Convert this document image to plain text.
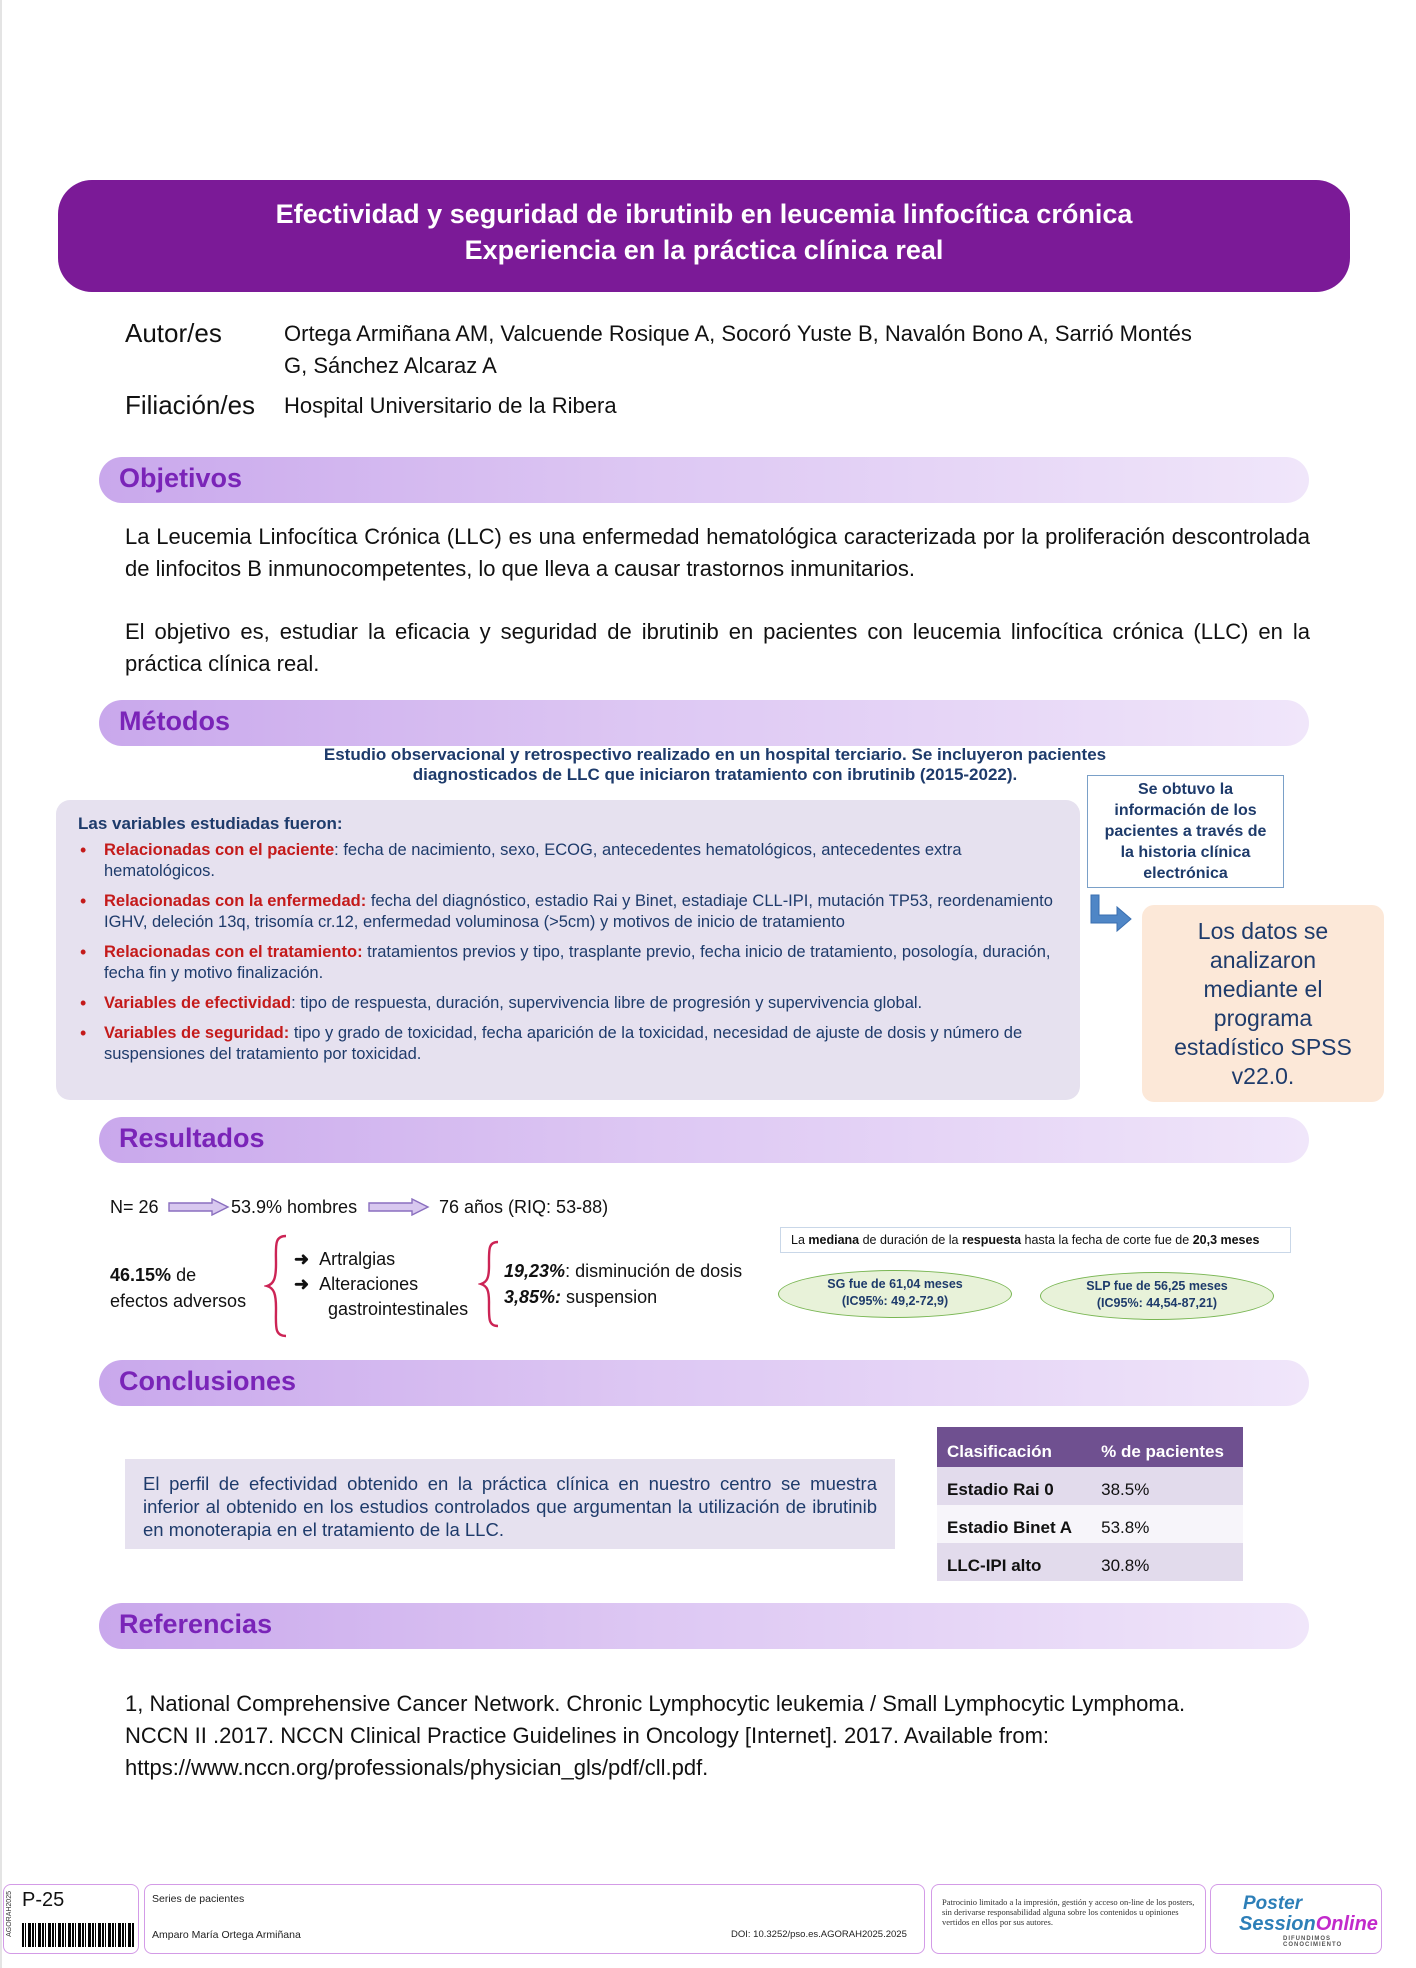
Efectividad y seguridad de ibrutinib en leucemia linfocítica crónica
Experiencia en la práctica clínica real
Autor/es	Ortega Armiñana AM, Valcuende Rosique A, Socoró Yuste B, Navalón Bono A, Sarrió Montés
G, Sánchez Alcaraz A
Filiación/es Hospital Universitario de la Ribera
Objetivos
La Leucemia Linfocítica Crónica (LLC) es una enfermedad hematológica caracterizada por la proliferación descontrolada de linfocitos B inmunocompetentes, lo que lleva a causar trastornos inmunitarios.
El objetivo es, estudiar la eficacia y seguridad de ibrutinib en pacientes con leucemia linfocítica crónica (LLC) en la práctica clínica real.
Métodos
Estudio observacional y retrospectivo realizado en un hospital terciario. Se incluyeron pacientes
diagnosticados de LLC que iniciaron tratamiento con ibrutinib (2015-2022).
Las variables estudiadas fueron:
• Relacionadas con el paciente: fecha de nacimiento, sexo, ECOG, antecedentes hematológicos, antecedentes extra hematológicos.
• Relacionadas con la enfermedad: fecha del diagnóstico, estadio Rai y Binet, estadiaje CLL-IPI, mutación TP53, reordenamiento IGHV, deleción 13q, trisomía cr.12, enfermedad voluminosa (>5cm) y motivos de inicio de tratamiento
• Relacionadas con el tratamiento: tratamientos previos y tipo, trasplante previo, fecha inicio de tratamiento, posología, duración, fecha fin y motivo finalización.
• Variables de efectividad: tipo de respuesta, duración, supervivencia libre de progresión y supervivencia global.
• Variables de seguridad: tipo y grado de toxicidad, fecha aparición de la toxicidad, necesidad de ajuste de dosis y número de suspensiones del tratamiento por toxicidad.
Se obtuvo la
información de los
pacientes a través de
la historia clínica
electrónica
Los datos se
analizaron
mediante el
programa
estadístico SPSS
v22.0.
Resultados
N= 26	53.9% hombres	76 años (RIQ: 53-88)
46.15% de
efectos adversos
➜  Artralgias
➜  Alteraciones
gastrointestinales
19,23%: disminución de dosis
3,85%: suspension
La mediana de duración de la respuesta hasta la fecha de corte fue de 20,3 meses
SG fue de 61,04 meses
(IC95%: 49,2-72,9)
SLP fue de 56,25 meses
(IC95%: 44,54-87,21)
Conclusiones
El perfil de efectividad obtenido en la práctica clínica en nuestro centro se muestra inferior al obtenido en los estudios controlados que argumentan la utilización de ibrutinib en monoterapia en el tratamiento de la LLC.
Clasificación	% de pacientes
Estadio Rai 0	38.5%
Estadio Binet A	53.8%
LLC-IPI alto	30.8%
Referencias
1, National Comprehensive Cancer Network. Chronic Lymphocytic leukemia / Small Lymphocytic Lymphoma.
NCCN II .2017. NCCN Clinical Practice Guidelines in Oncology [Internet]. 2017. Available from:
https://www.nccn.org/professionals/physician_gls/pdf/cll.pdf.
AGORAH2025 P-25	Series de pacientes
Amparo María Ortega Armiñana	DOI: 10.3252/pso.es.AGORAH2025.2025
Patrocinio limitado a la impresión, gestión y acceso on-line de los posters, sin derivarse responsabilidad alguna sobre los contenidos u opiniones vertidos en ellos por sus autores.
Poster
SessionOnline
DIFUNDIMOS CONOCIMIENTO
